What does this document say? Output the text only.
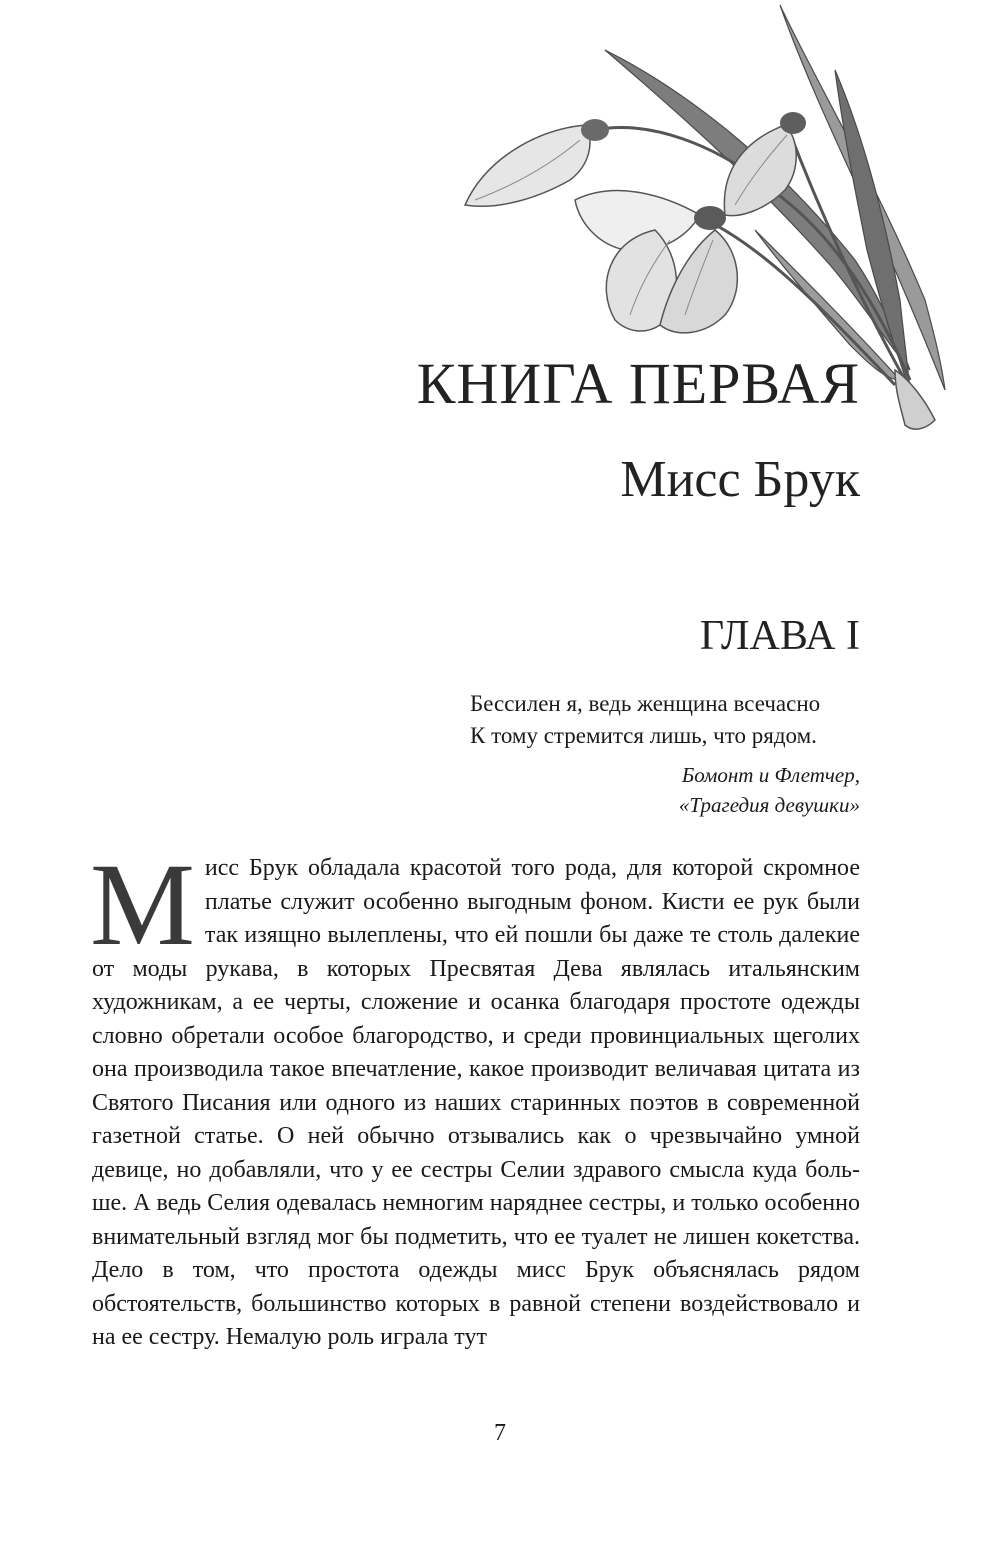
КНИГА ПЕРВАЯ
Мисс Брук
ГЛАВА I
Бессилен я, ведь женщина всечасно
К тому стремится лишь, что рядом.
Бомонт и Флетчер,
«Трагедия девушки»
М исс Брук обладала красотой того рода, для которой скромное платье служит особенно выгодным фоном. Кисти ее рук были так изящно вылеплены, что ей пошли бы даже те столь далекие от моды рукава, в которых Пресвятая Дева являлась итальянским художникам, а ее черты, сложение и осанка благодаря простоте одежды словно обретали особое благородство, и среди провинциальных щеголих она производила такое впечатление, какое производит величавая цитата из Святого Писания или одного из наших старинных поэтов в современной газетной статье. О ней обычно отзывались как о чрезвычайно умной девице, но добавляли, что у ее сестры Селии здравого смысла куда больше. А ведь Селия одевалась немногим наряднее сестры, и только особенно внимательный взгляд мог бы подметить, что ее туалет не лишен кокетства. Дело в том, что простота одежды мисс Брук объяснялась рядом обстоятельств, большинство которых в равной степени воздействовало и на ее сестру. Немалую роль играла тут
7
